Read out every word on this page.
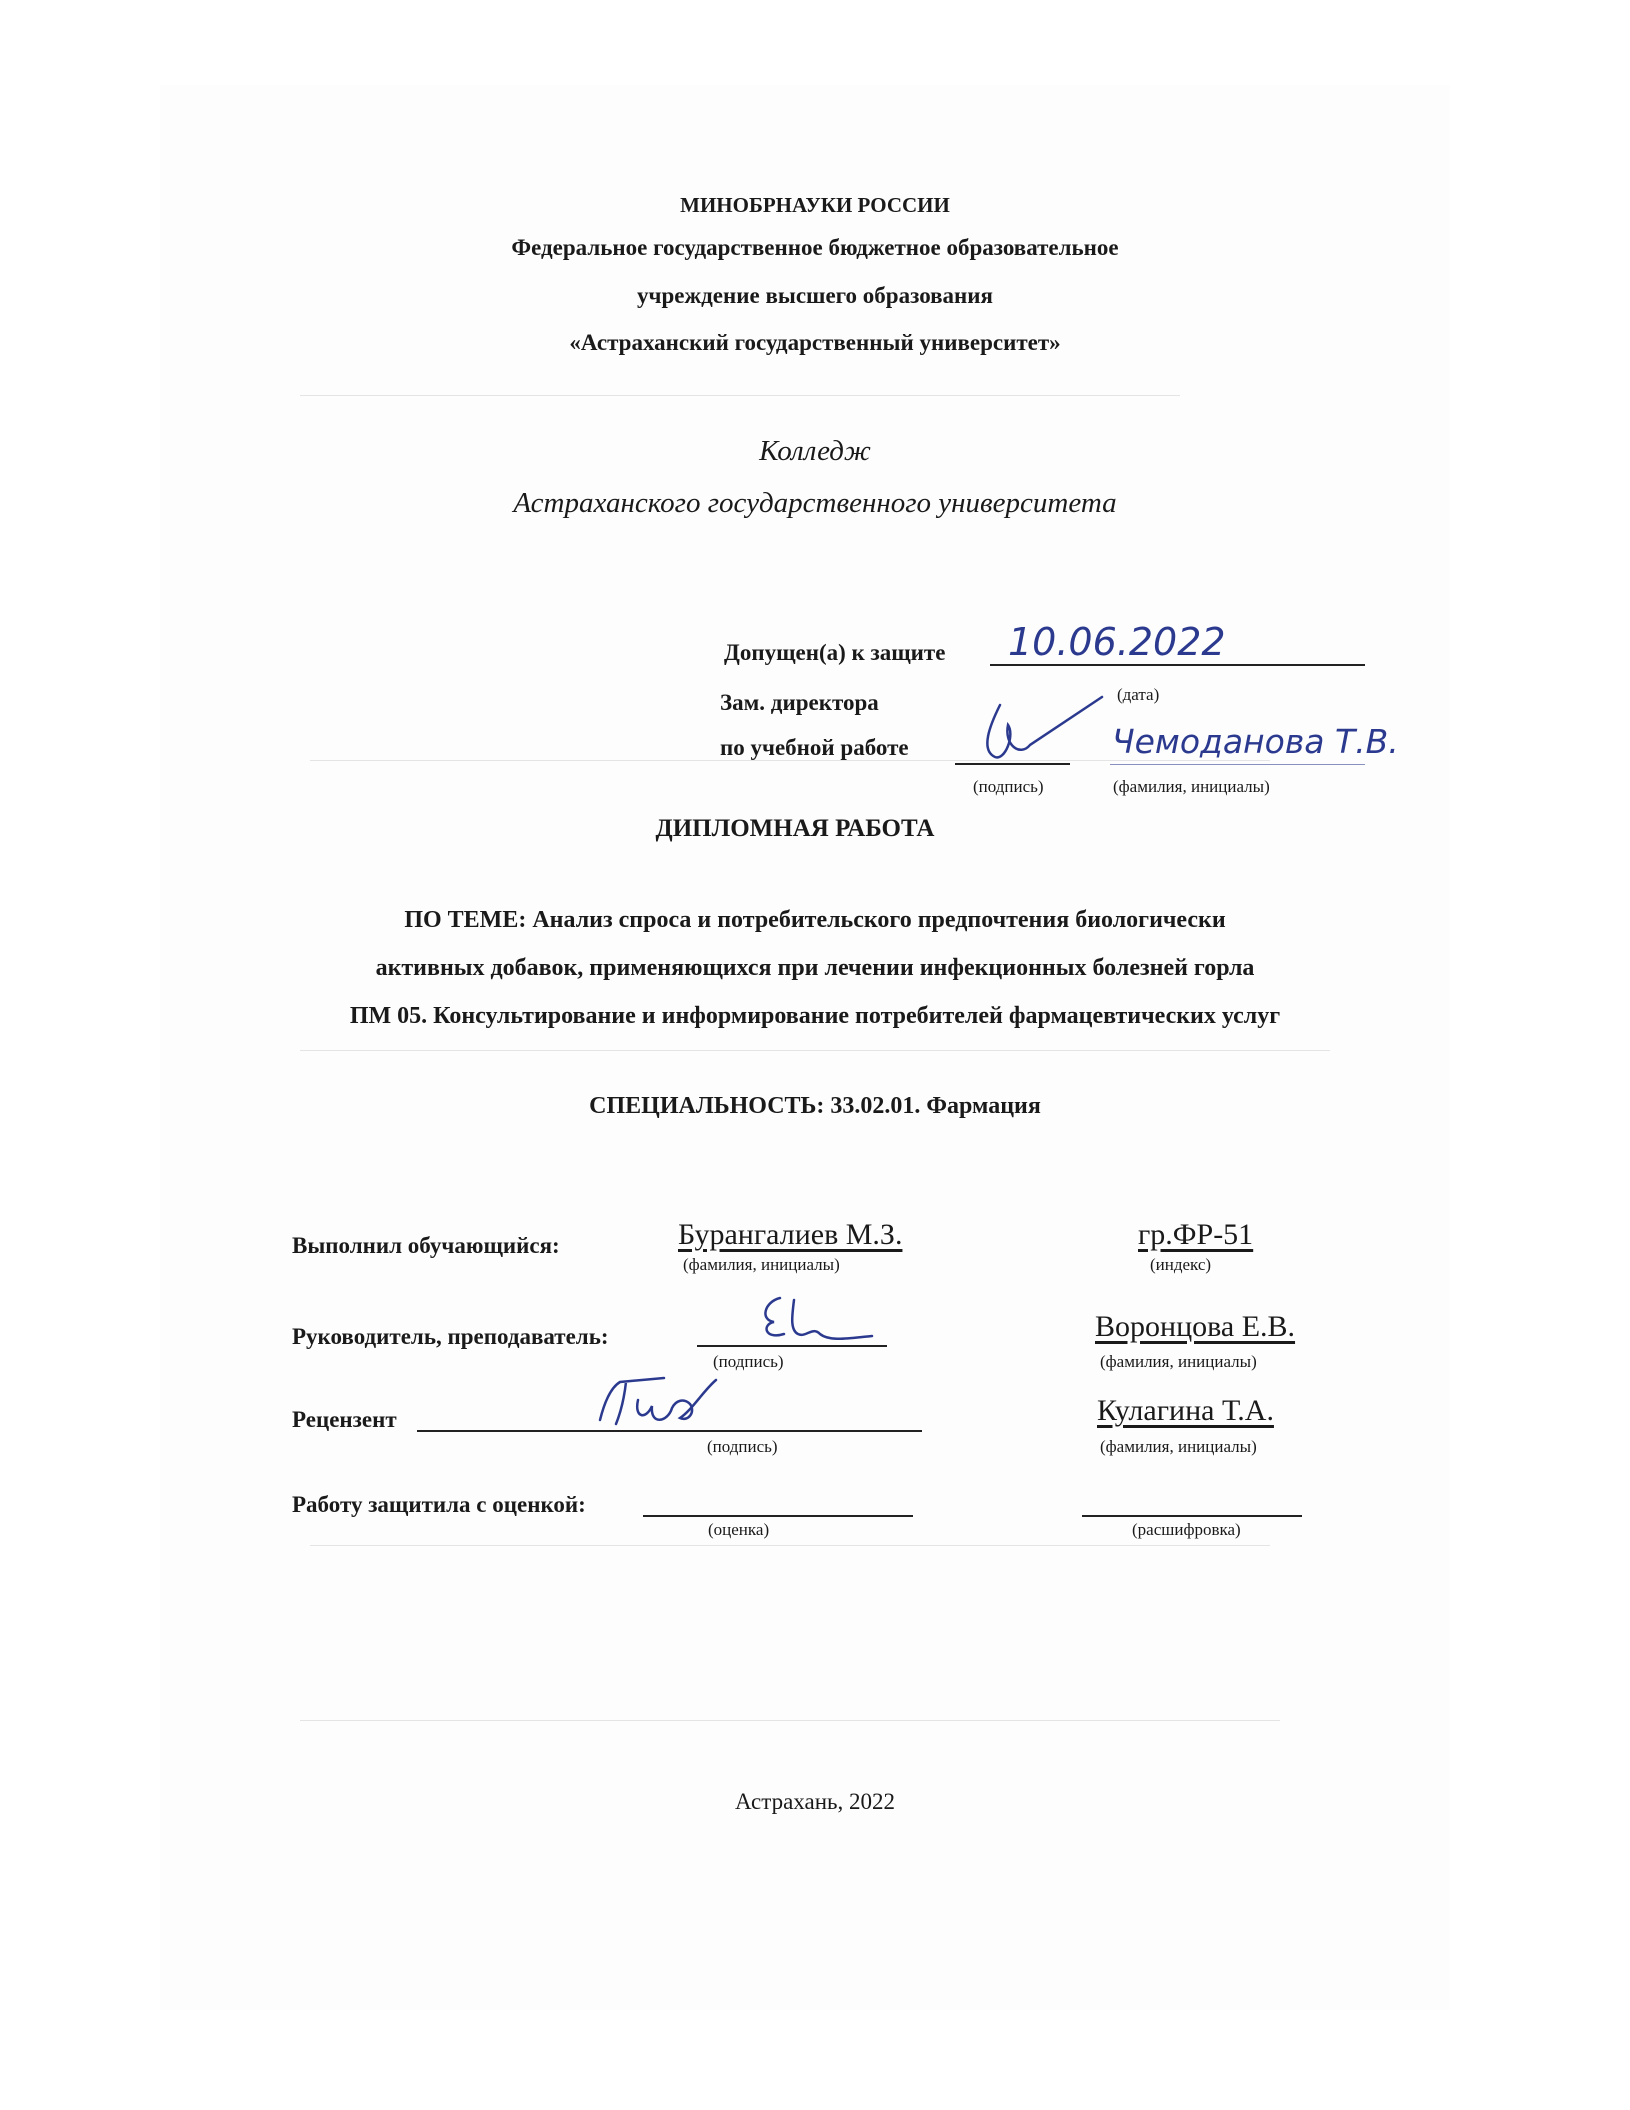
МИНОБРНАУКИ РОССИИ
Федеральное государственное бюджетное образовательное
учреждение высшего образования
«Астраханский государственный университет»
Колледж
Астраханского государственного университета
Допущен(а) к защите 10.06.2022
(дата)
Зам. директора
по учебной работе
(подпись)
Чемоданова Т.В.
(фамилия, инициалы)
ДИПЛОМНАЯ РАБОТА
ПО ТЕМЕ: Анализ спроса и потребительского предпочтения биологически
активных добавок, применяющихся при лечении инфекционных болезней горла
ПМ 05. Консультирование и информирование потребителей фармацевтических услуг
СПЕЦИАЛЬНОСТЬ: 33.02.01. Фармация
Выполнил обучающийся:	Бурангалиев М.З.
(фамилия, инициалы)
гр.ФР-51
(индекс)
Руководитель, преподаватель:
(подпись)
Воронцова Е.В.
(фамилия, инициалы)
Рецензент
(подпись)
Кулагина Т.А.
(фамилия, инициалы)
Работу защитила с оценкой:
(оценка)	(расшифровка)
Астрахань, 2022
